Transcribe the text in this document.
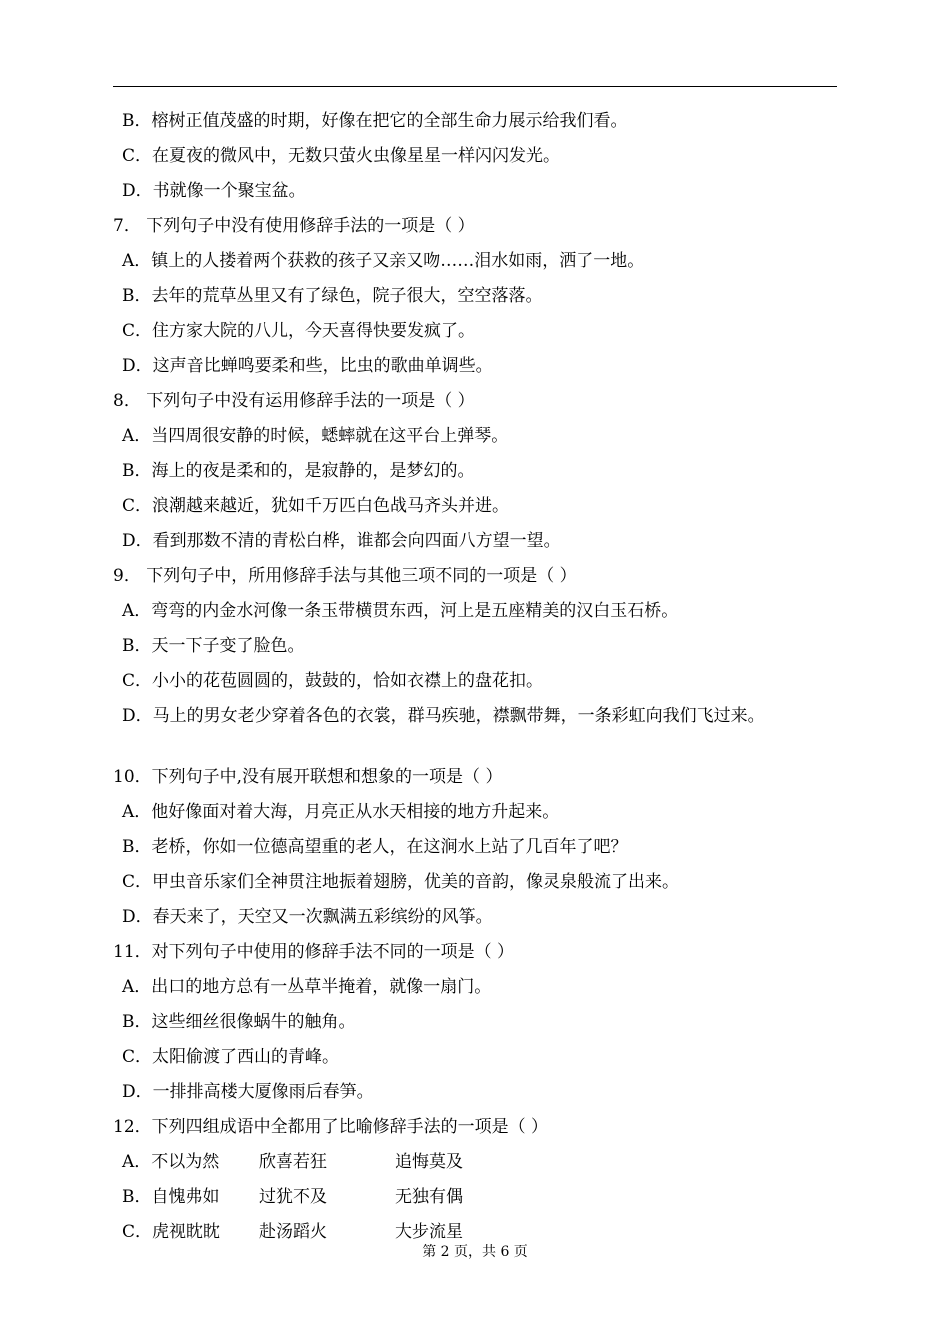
B．榕树正值茂盛的时期，好像在把它的全部生命力展示给我们看。
C．在夏夜的微风中，无数只萤火虫像星星一样闪闪发光。
D．书就像一个聚宝盆。
7． 下列句子中没有使用修辞手法的一项是（ ）
A．镇上的人搂着两个获救的孩子又亲又吻……泪水如雨，洒了一地。
B．去年的荒草丛里又有了绿色，院子很大，空空落落。
C．住方家大院的八儿，今天喜得快要发疯了。
D．这声音比蝉鸣要柔和些，比虫的歌曲单调些。
8． 下列句子中没有运用修辞手法的一项是（ ）
A．当四周很安静的时候，蟋蟀就在这平台上弹琴。
B．海上的夜是柔和的，是寂静的，是梦幻的。
C．浪潮越来越近，犹如千万匹白色战马齐头并进。
D．看到那数不清的青松白桦，谁都会向四面八方望一望。
9． 下列句子中，所用修辞手法与其他三项不同的一项是（ ）
A．弯弯的内金水河像一条玉带横贯东西，河上是五座精美的汉白玉石桥。
B．天一下子变了脸色。
C．小小的花苞圆圆的，鼓鼓的，恰如衣襟上的盘花扣。
D．马上的男女老少穿着各色的衣裳，群马疾驰，襟飘带舞，一条彩虹向我们飞过来。
10．下列句子中,没有展开联想和想象的一项是（ ）
A．他好像面对着大海，月亮正从水天相接的地方升起来。
B．老桥，你如一位德高望重的老人，在这涧水上站了几百年了吧？
C．甲虫音乐家们全神贯注地振着翅膀，优美的音韵，像灵泉般流了出来。
D．春天来了，天空又一次飘满五彩缤纷的风筝。
11．对下列句子中使用的修辞手法不同的一项是（ ）
A．出口的地方总有一丛草半掩着，就像一扇门。
B．这些细丝很像蜗牛的触角。
C．太阳偷渡了西山的青峰。
D．一排排高楼大厦像雨后春笋。
12．下列四组成语中全都用了比喻修辞手法的一项是（ ）
A．不以为然 欣喜若狂	追悔莫及
B．自愧弗如 过犹不及	无独有偶
C．虎视眈眈 赴汤蹈火	大步流星
第 2 页，共 6 页
